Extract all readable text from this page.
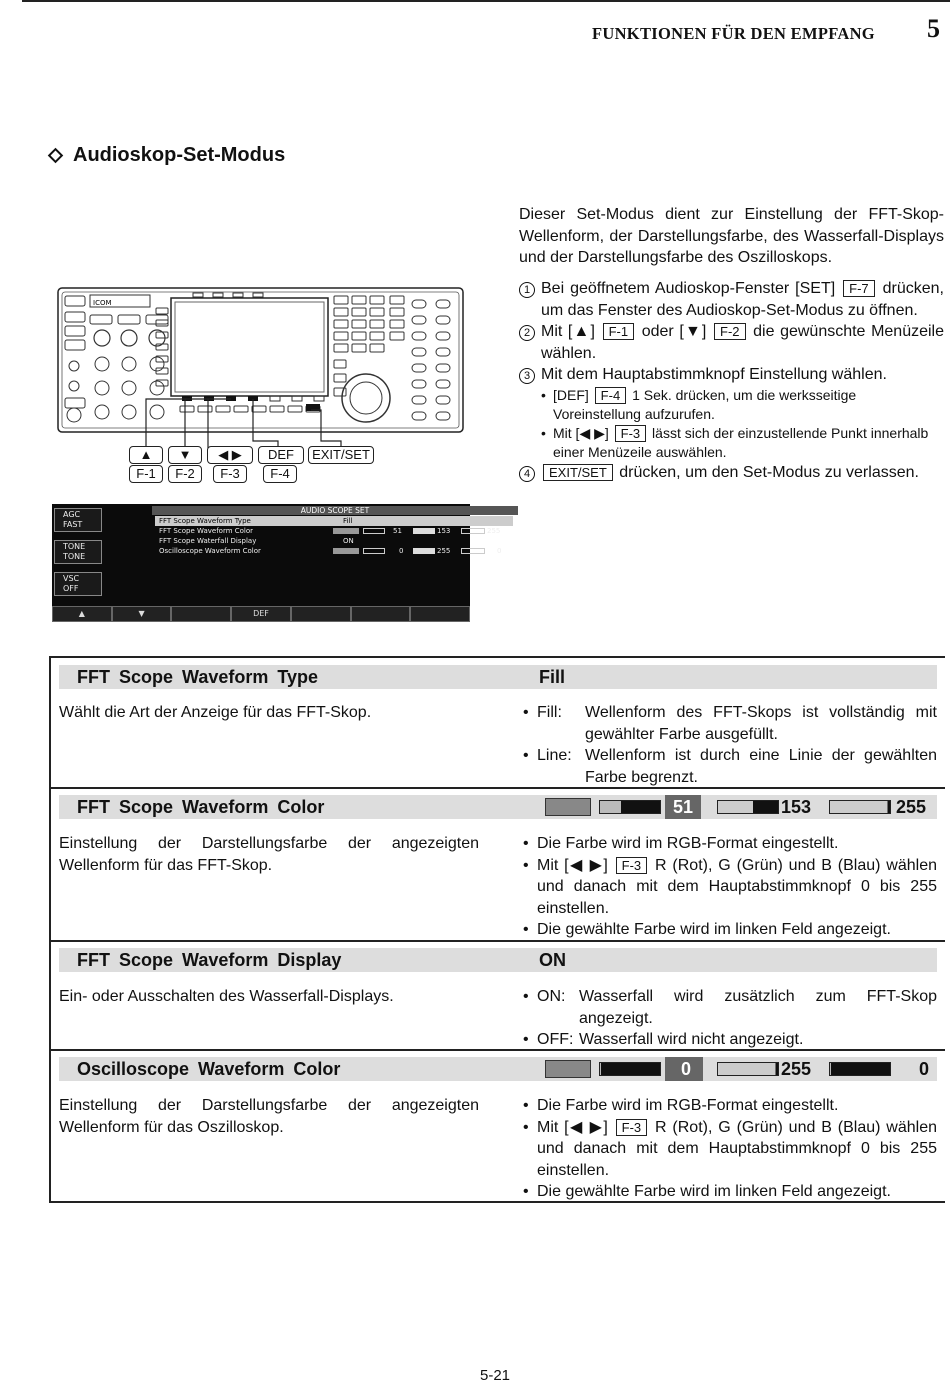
FUNKTIONEN FÜR DEN EMPFANG 5
Audioskop-Set-Modus
Dieser Set-Modus dient zur Einstellung der FFT-Skop-Wellenform, der Darstellungsfarbe, des Wasserfall-Displays und der Darstellungsfarbe des Oszilloskops.
1 Bei geöffnetem Audioskop-Fenster [SET] F-7 drücken, um das Fenster des Audioskop-Set-Modus zu öffnen.
2 Mit [▲] F-1 oder [▼] F-2 die gewünschte Menüzeile wählen.
3 Mit dem Hauptabstimmknopf Einstellung wählen.
• [DEF] F-4 1 Sek. drücken, um die werksseitige Voreinstellung aufzurufen.
• Mit [◀ ▶] F-3 lässt sich der einzustellende Punkt innerhalb einer Menüzeile auswählen.
4	EXIT/SET drücken, um den Set-Modus zu verlassen.
ICOM
▲	▼	◀ ▶	DEF	EXIT/SET
F-1	F-2	F-3	F-4
AGC
FAST
TONE
TONE
VSC
OFF
AUDIO SCOPE SET
FFT Scope Waveform Type	Fill
FFT Scope Waveform Color	51	153	255
FFT Scope Waterfall Display	ON
Oscilloscope Waveform Color	0	255	0
▲	▼	DEF
FFT Scope Waveform Type	Fill
Wählt die Art der Anzeige für das FFT-Skop.	• Fill:	Wellenform des FFT-Skops ist vollständig mit gewählter Farbe ausgefüllt.
• Line: Wellenform ist durch eine Linie der gewählten Farbe begrenzt.
FFT Scope Waveform Color	51	153	255
Einstellung der Darstellungsfarbe der angezeigten Wellenform für das FFT-Skop.
• Die Farbe wird im RGB-Format eingestellt.
• Mit [◀ ▶] F-3 R (Rot), G (Grün) und B (Blau) wählen und danach mit dem Hauptabstimmknopf 0 bis 255 einstellen.
• Die gewählte Farbe wird im linken Feld angezeigt.
FFT Scope Waveform Display	ON
Ein- oder Ausschalten des Wasserfall-Displays.	• ON: Wasserfall wird zusätzlich zum FFT-Skop angezeigt.
• OFF: Wasserfall wird nicht angezeigt.
Oscilloscope Waveform Color	0	255	0
Einstellung der Darstellungsfarbe der angezeigten Wellenform für das Oszilloskop.
• Die Farbe wird im RGB-Format eingestellt.
• Mit [◀ ▶] F-3 R (Rot), G (Grün) und B (Blau) wählen und danach mit dem Hauptabstimmknopf 0 bis 255 einstellen.
• Die gewählte Farbe wird im linken Feld angezeigt.
5-21
